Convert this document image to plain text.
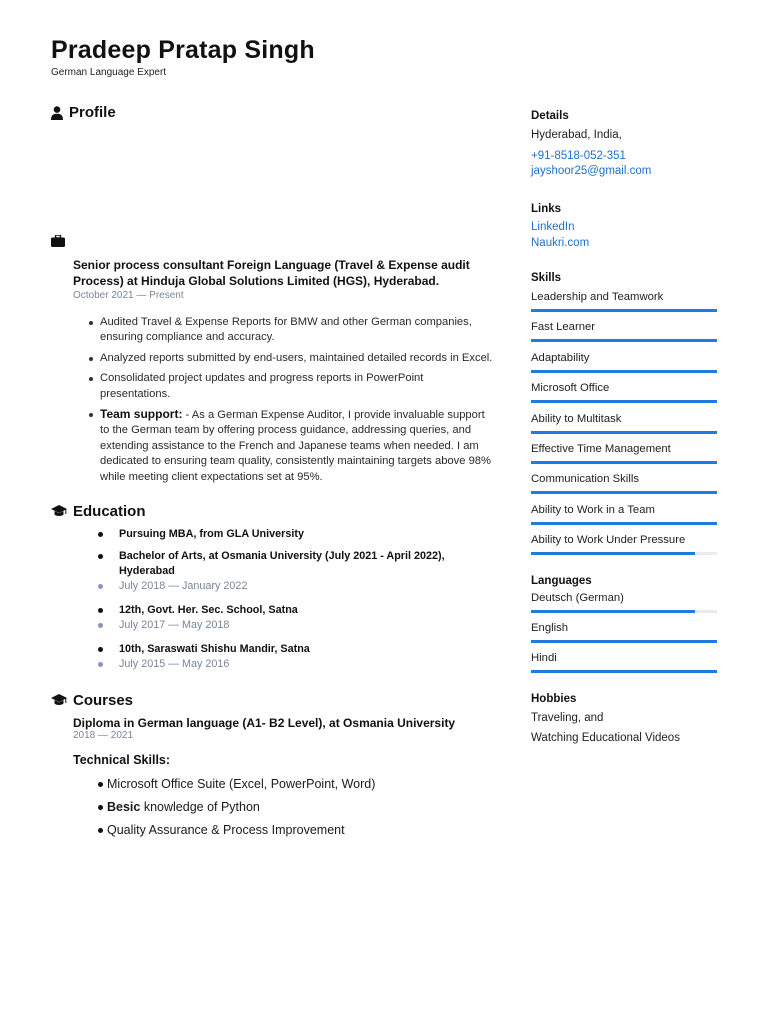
Pradeep Pratap Singh
German Language Expert
Profile
Senior process consultant Foreign Language (Travel & Expense audit Process) at Hinduja Global Solutions Limited (HGS), Hyderabad.
October 2021 — Present
Audited Travel & Expense Reports for BMW and other German companies, ensuring compliance and accuracy.
Analyzed reports submitted by end-users, maintained detailed records in Excel.
Consolidated project updates and progress reports in PowerPoint presentations.
Team support: - As a German Expense Auditor, I provide invaluable support to the German team by offering process guidance, addressing queries, and extending assistance to the French and Japanese teams when needed. I am dedicated to ensuring team quality, consistently maintaining targets above 98% while meeting client expectations set at 95%.
Education
Pursuing MBA, from GLA University
Bachelor of Arts, at Osmania University (July 2021 - April 2022), Hyderabad
July 2018 — January 2022
12th, Govt. Her. Sec. School, Satna
July 2017 — May 2018
10th, Saraswati Shishu Mandir, Satna
July 2015 — May 2016
Courses
Diploma in German language (A1- B2 Level), at Osmania University
2018 — 2021
Technical Skills:
Microsoft Office Suite (Excel, PowerPoint, Word)
Besic knowledge of Python
Quality Assurance & Process Improvement
Details
Hyderabad, India,
+91-8518-052-351
jayshoor25@gmail.com
Links
LinkedIn
Naukri.com
Skills
Leadership and Teamwork
Fast Learner
Adaptability
Microsoft Office
Ability to Multitask
Effective Time Management
Communication Skills
Ability to Work in a Team
Ability to Work Under Pressure
Languages
Deutsch (German)
English
Hindi
Hobbies
Traveling, and
Watching Educational Videos
